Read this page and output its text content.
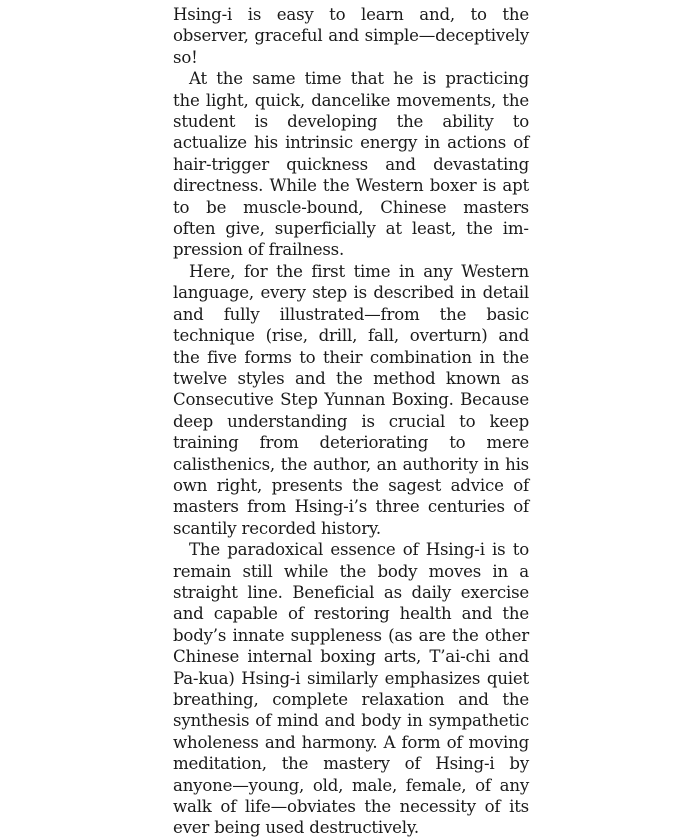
Hsing-i is easy to learn and, to the observer, graceful and simple—deceptively so!

At the same time that he is practicing the light, quick, dancelike movements, the student is developing the ability to actualize his intrinsic energy in actions of hair-trigger quickness and devastating directness. While the Western boxer is apt to be muscle-bound, Chinese masters often give, superficially at least, the impression of frailness.

Here, for the first time in any Western language, every step is described in detail and fully illustrated—from the basic technique (rise, drill, fall, overturn) and the five forms to their combination in the twelve styles and the method known as Consecutive Step Yunnan Boxing. Because deep understanding is crucial to keep training from deteriorating to mere calisthenics, the author, an authority in his own right, presents the sagest advice of masters from Hsing-i’s three centuries of scantily recorded history.

The paradoxical essence of Hsing-i is to remain still while the body moves in a straight line. Beneficial as daily exercise and capable of restoring health and the body’s innate suppleness (as are the other Chinese internal boxing arts, T’ai-chi and Pa-kua) Hsing-i similarly emphasizes quiet breathing, complete relaxation and the synthesis of mind and body in sympathetic wholeness and harmony. A form of moving meditation, the mastery of Hsing-i by anyone—young, old, male, female, of any walk of life—obviates the necessity of its ever being used destructively.
